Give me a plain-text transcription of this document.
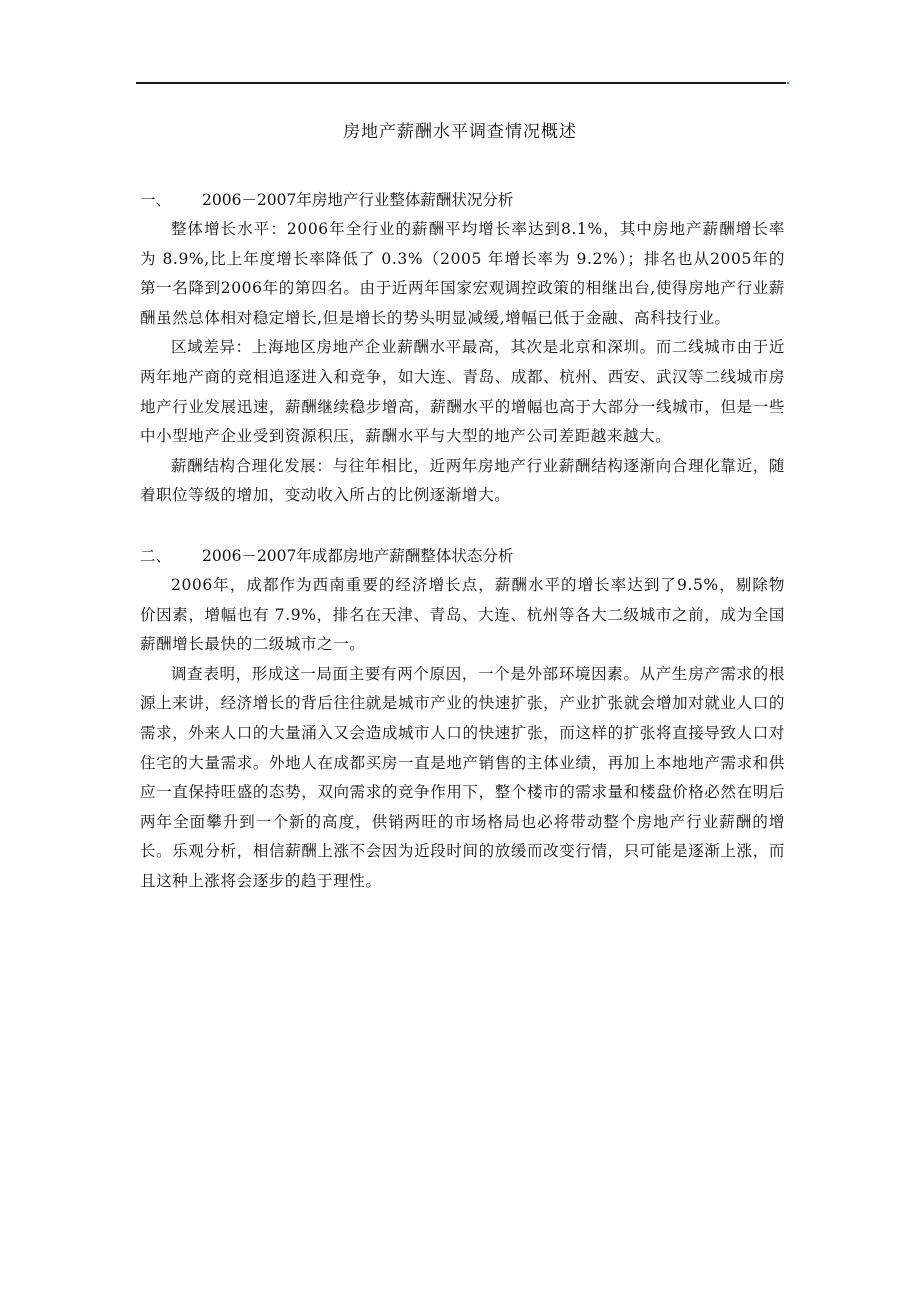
房地产薪酬水平调查情况概述
一、 2006－2007年房地产行业整体薪酬状况分析

整体增长水平：2006年全行业的薪酬平均增长率达到8.1%，其中房地产薪酬增长率为 8.9%,比上年度增长率降低了 0.3%（2005 年增长率为 9.2%）；排名也从2005年的第一名降到2006年的第四名。由于近两年国家宏观调控政策的相继出台,使得房地产行业薪酬虽然总体相对稳定增长,但是增长的势头明显减缓,增幅已低于金融、高科技行业。

区域差异：上海地区房地产企业薪酬水平最高，其次是北京和深圳。而二线城市由于近两年地产商的竞相追逐进入和竞争，如大连、青岛、成都、杭州、西安、武汉等二线城市房地产行业发展迅速，薪酬继续稳步增高，薪酬水平的增幅也高于大部分一线城市，但是一些中小型地产企业受到资源积压，薪酬水平与大型的地产公司差距越来越大。

薪酬结构合理化发展：与往年相比，近两年房地产行业薪酬结构逐渐向合理化靠近，随着职位等级的增加，变动收入所占的比例逐渐增大。

二、 2006－2007年成都房地产薪酬整体状态分析

2006年，成都作为西南重要的经济增长点，薪酬水平的增长率达到了9.5%，剔除物价因素，增幅也有 7.9%，排名在天津、青岛、大连、杭州等各大二级城市之前，成为全国薪酬增长最快的二级城市之一。

调查表明，形成这一局面主要有两个原因，一个是外部环境因素。从产生房产需求的根源上来讲，经济增长的背后往往就是城市产业的快速扩张，产业扩张就会增加对就业人口的需求，外来人口的大量涌入又会造成城市人口的快速扩张，而这样的扩张将直接导致人口对住宅的大量需求。外地人在成都买房一直是地产销售的主体业绩，再加上本地地产需求和供应一直保持旺盛的态势，双向需求的竞争作用下，整个楼市的需求量和楼盘价格必然在明后两年全面攀升到一个新的高度，供销两旺的市场格局也必将带动整个房地产行业薪酬的增长。乐观分析，相信薪酬上涨不会因为近段时间的放缓而改变行情，只可能是逐渐上涨，而且这种上涨将会逐步的趋于理性。
